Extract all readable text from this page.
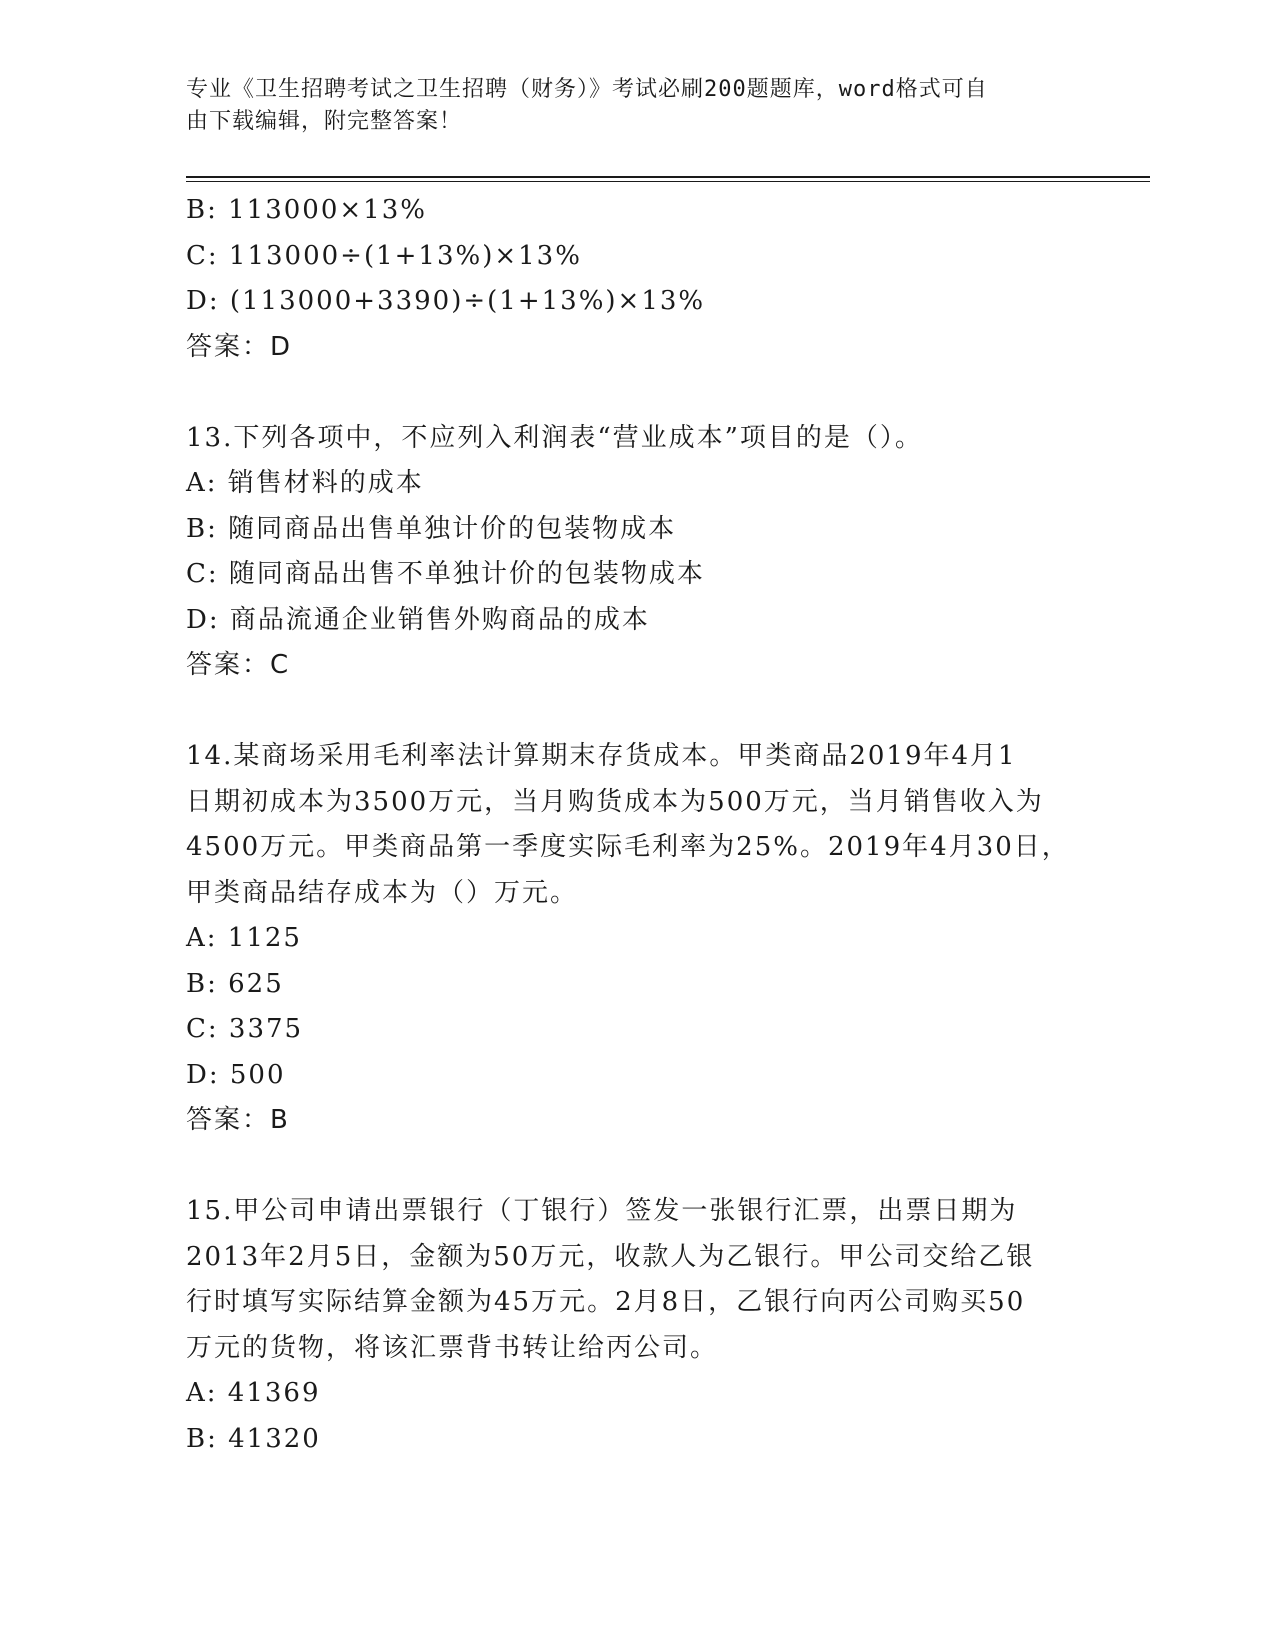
专业《卫生招聘考试之卫生招聘（财务）》考试必刷200题题库，word格式可自
由下载编辑，附完整答案！
B: 113000×13%
C: 113000÷(1+13%)×13%
D: (113000+3390)÷(1+13%)×13%
答案：D
13.下列各项中，不应列入利润表“营业成本”项目的是（）。
A: 销售材料的成本
B: 随同商品出售单独计价的包装物成本
C: 随同商品出售不单独计价的包装物成本
D: 商品流通企业销售外购商品的成本
答案：C
14.某商场采用毛利率法计算期末存货成本。甲类商品2019年4月1
日期初成本为3500万元，当月购货成本为500万元，当月销售收入为
4500万元。甲类商品第一季度实际毛利率为25%。2019年4月30日，
甲类商品结存成本为（）万元。
A: 1125
B: 625
C: 3375
D: 500
答案：B
15.甲公司申请出票银行（丁银行）签发一张银行汇票，出票日期为
2013年2月5日，金额为50万元，收款人为乙银行。甲公司交给乙银
行时填写实际结算金额为45万元。2月8日，乙银行向丙公司购买50
万元的货物，将该汇票背书转让给丙公司。
A: 41369
B: 41320
